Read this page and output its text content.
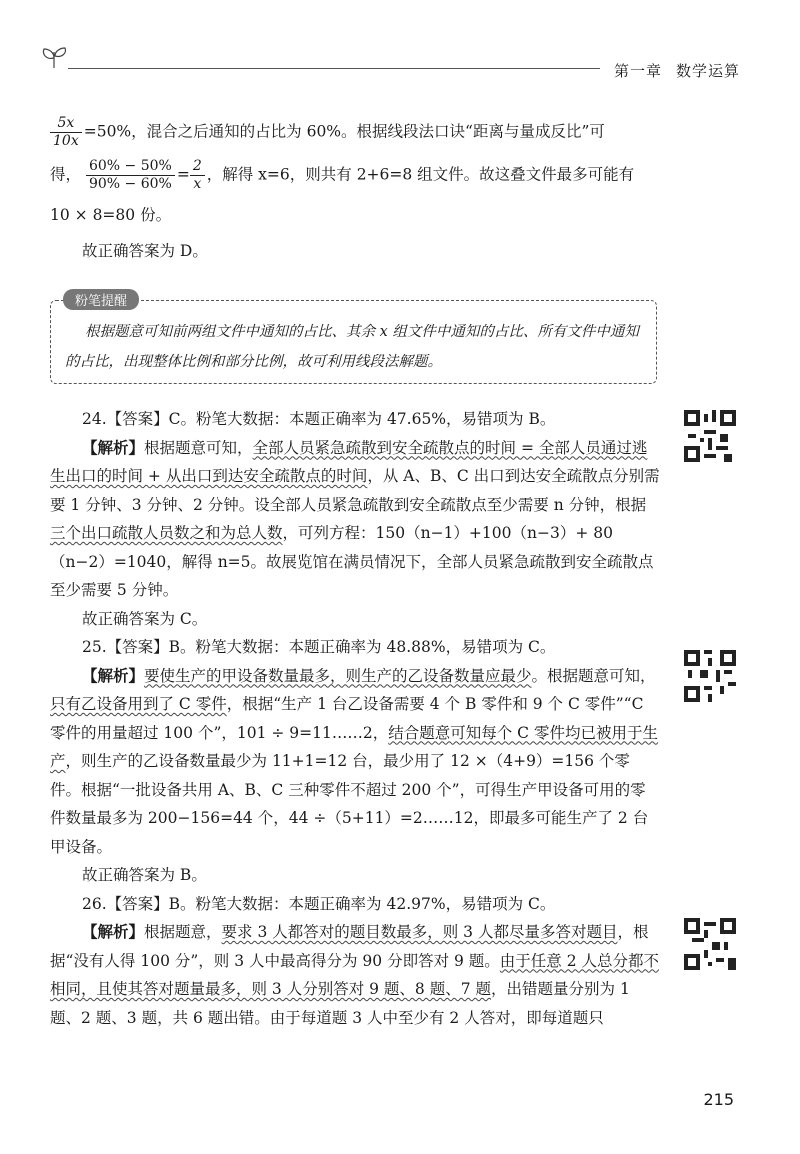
第一章 数学运算

$\frac{5x}{10x} =50\%$，混合之后通知的占比为 60%。根据线段法口诀“距离与量成反比”可

得， $\frac{60\% - 50\%}{90\% - 60\%} = \frac{2}{x}$ ，解得 x=6，则共有 2+6=8 组文件。故这叠文件最多可能有

10 × 8=80 份。

故正确答案为 D。

粉笔提醒
根据题意可知前两组文件中通知的占比、其余 x 组文件中通知的占比、所有文件中通知的占比，出现整体比例和部分比例，故可利用线段法解题。

24.【答案】C。粉笔大数据：本题正确率为 47.65%，易错项为 B。

【解析】根据题意可知，全部人员紧急疏散到安全疏散点的时间 = 全部人员通过逃生出口的时间 + 从出口到达安全疏散点的时间，从 A、B、C 出口到达安全疏散点分别需要 1 分钟、3 分钟、2 分钟。设全部人员紧急疏散到安全疏散点至少需要 n 分钟，根据三个出口疏散人员数之和为总人数，可列方程：150（n−1）+100（n−3）+ 80（n−2）=1040，解得 n=5。故展览馆在满员情况下，全部人员紧急疏散到安全疏散点至少需要 5 分钟。

故正确答案为 C。

25.【答案】B。粉笔大数据：本题正确率为 48.88%，易错项为 C。

【解析】要使生产的甲设备数量最多，则生产的乙设备数量应最少。根据题意可知，只有乙设备用到了 C 零件，根据“生产 1 台乙设备需要 4 个 B 零件和 9 个 C 零件”“C 零件的用量超过 100 个”，101 ÷ 9=11……2，结合题意可知每个 C 零件均已被用于生产，则生产的乙设备数量最少为 11+1=12 台，最少用了 12 ×（4+9）=156 个零件。根据“一批设备共用 A、B、C 三种零件不超过 200 个”，可得生产甲设备可用的零件数量最多为 200−156=44 个，44 ÷（5+11）=2……12，即最多可能生产了 2 台甲设备。

故正确答案为 B。

26.【答案】B。粉笔大数据：本题正确率为 42.97%，易错项为 C。

【解析】根据题意，要求 3 人都答对的题目数最多，则 3 人都尽量多答对题目，根据“没有人得 100 分”，则 3 人中最高得分为 90 分即答对 9 题。由于任意 2 人总分都不相同，且使其答对题量最多，则 3 人分别答对 9 题、8 题、7 题，出错题量分别为 1 题、2 题、3 题，共 6 题出错。由于每道题 3 人中至少有 2 人答对，即每道题只

215
